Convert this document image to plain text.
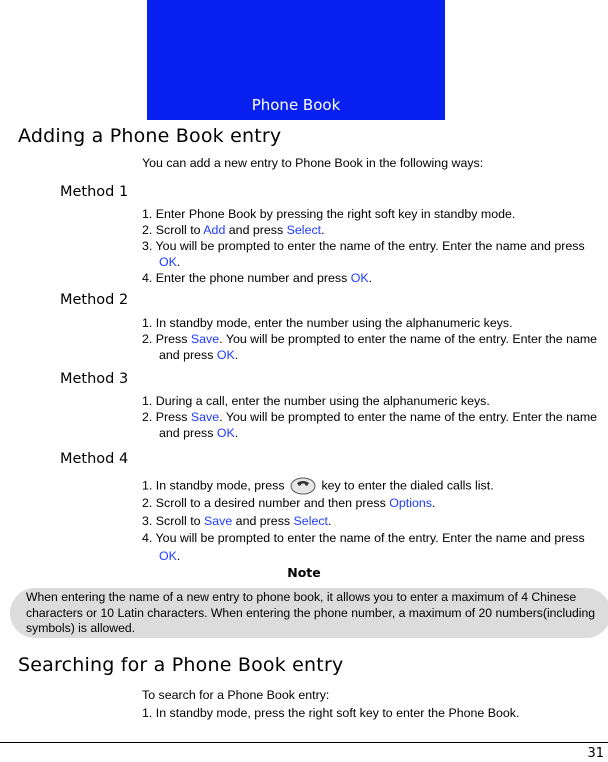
Phone Book
Adding a Phone Book entry
You can add a new entry to Phone Book in the following ways:
Method 1
1. Enter Phone Book by pressing the right soft key in standby mode.
2. Scroll to Add and press Select.
3. You will be prompted to enter the name of the entry. Enter the name and press OK.
4. Enter the phone number and press OK.
Method 2
1. In standby mode, enter the number using the alphanumeric keys.
2. Press Save. You will be prompted to enter the name of the entry. Enter the name and press OK.
Method 3
1. During a call, enter the number using the alphanumeric keys.
2. Press Save. You will be prompted to enter the name of the entry. Enter the name and press OK.
Method 4
1. In standby mode, press  key to enter the dialed calls list.
2. Scroll to a desired number and then press Options.
3. Scroll to Save and press Select.
4. You will be prompted to enter the name of the entry. Enter the name and press OK.
Note
When entering the name of a new entry to phone book, it allows you to enter a maximum of 4 Chinese characters or 10 Latin characters. When entering the phone number, a maximum of 20 numbers(including symbols) is allowed.
Searching for a Phone Book entry
To search for a Phone Book entry:
1. In standby mode, press the right soft key to enter the Phone Book.
31
